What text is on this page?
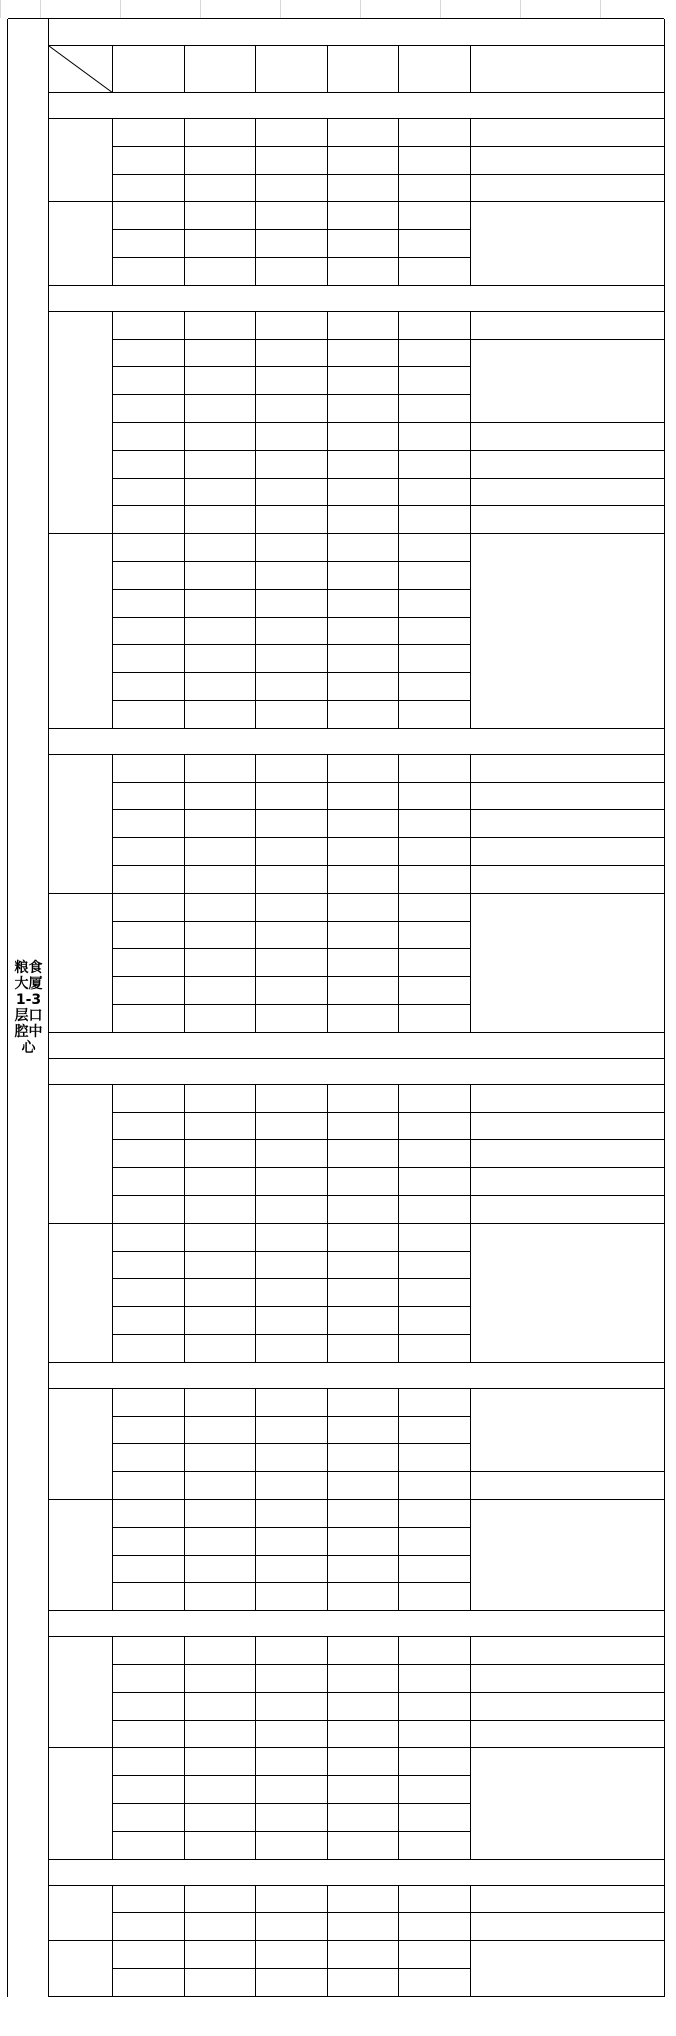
粮食
大厦
1-3
层口
腔中
心
